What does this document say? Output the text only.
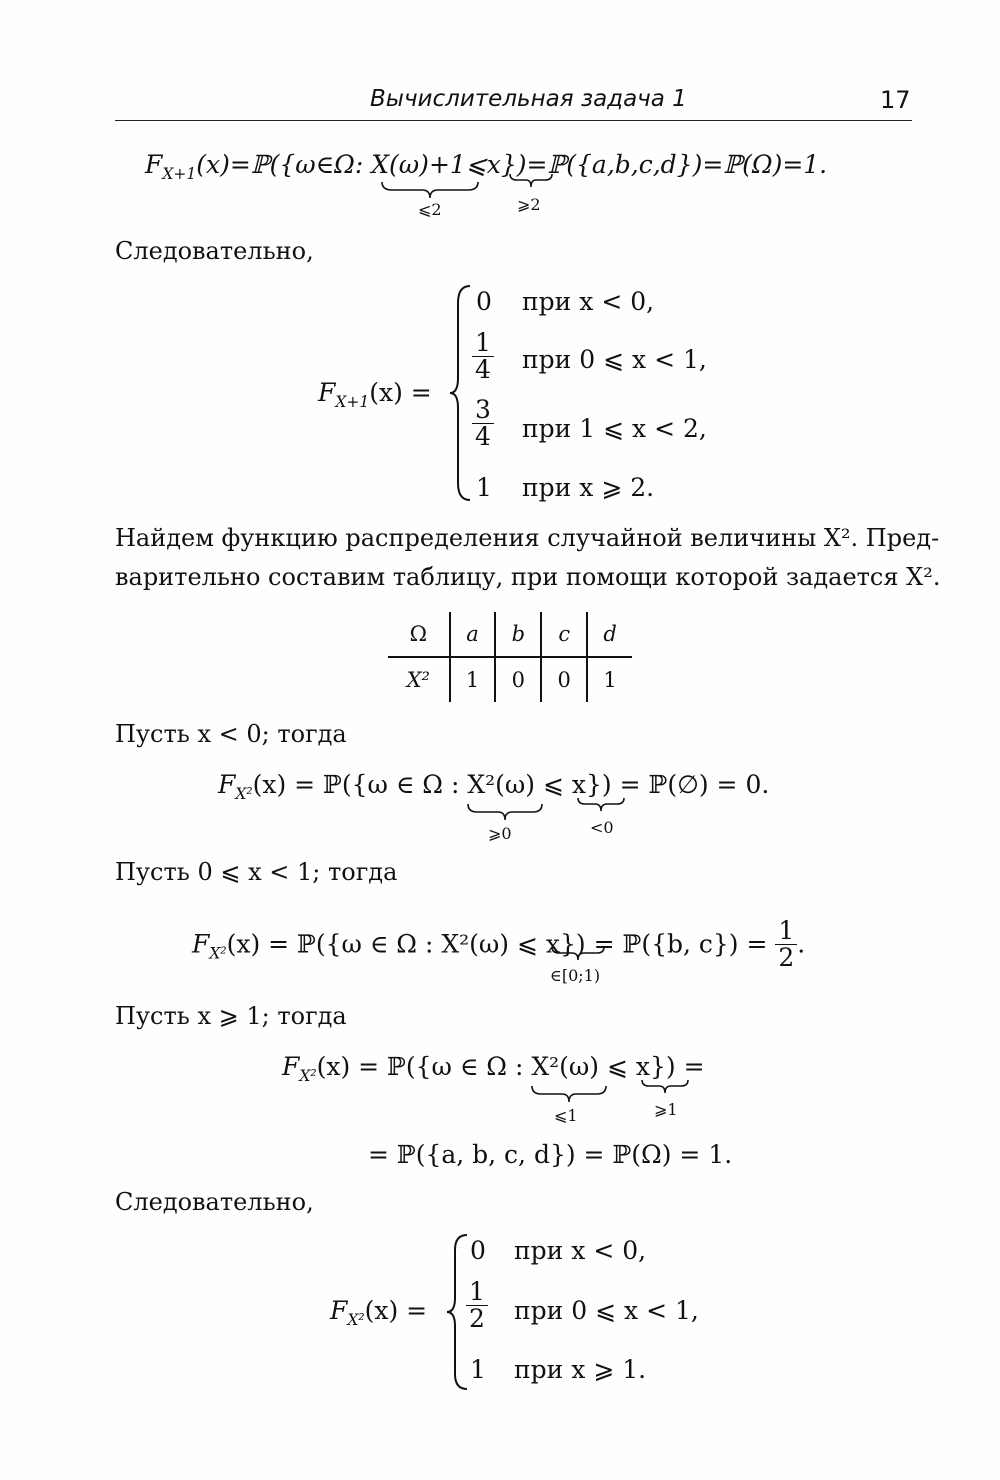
Вычислительная задача 1	17
$F_{X+1}(x)=ℙ(\{\omega\in\Omega$: X(ω)+1⩽x})=ℙ({a,b,c,d})=ℙ(Ω)=1.
⩽2	⩾2
Следовательно,
$F_{X+1}(x)$ =
0 при x < 0,
$\frac{1}{4}$ при 0 ⩽ x < 1,
$\frac{3}{4}$ при 1 ⩽ x < 2,
1 при x ⩾ 2.
Найдем функцию распределения случайной величины X². Пред-
варительно составим таблицу, при помощи которой задается X².
Ω	a	b	c	d
X²	1	0	0	1
Пусть x < 0; тогда
$F_{X^2}(x)$ = ℙ({ω ∈ Ω : X²(ω) ⩽ x}) = ℙ(∅) = 0.
⩾0	<0
Пусть 0 ⩽ x < 1; тогда
$F_{X^2}(x)$ = ℙ({ω ∈ Ω : X²(ω) ⩽ x}) = ℙ({b, $c\}) = \frac{1}{2}$ .
∈[0;1)
Пусть x ⩾ 1; тогда
$F_{X^2}(x)$ = ℙ({ω ∈ Ω : X²(ω) ⩽ x}) =
⩽1	⩾1
= ℙ({a, b, c, d}) = ℙ(Ω) = 1.
Следовательно,
$F_{X^2}(x)$ =
0 при x < 0,
$\frac{1}{2}$ при 0 ⩽ x < 1,
1 при x ⩾ 1.
